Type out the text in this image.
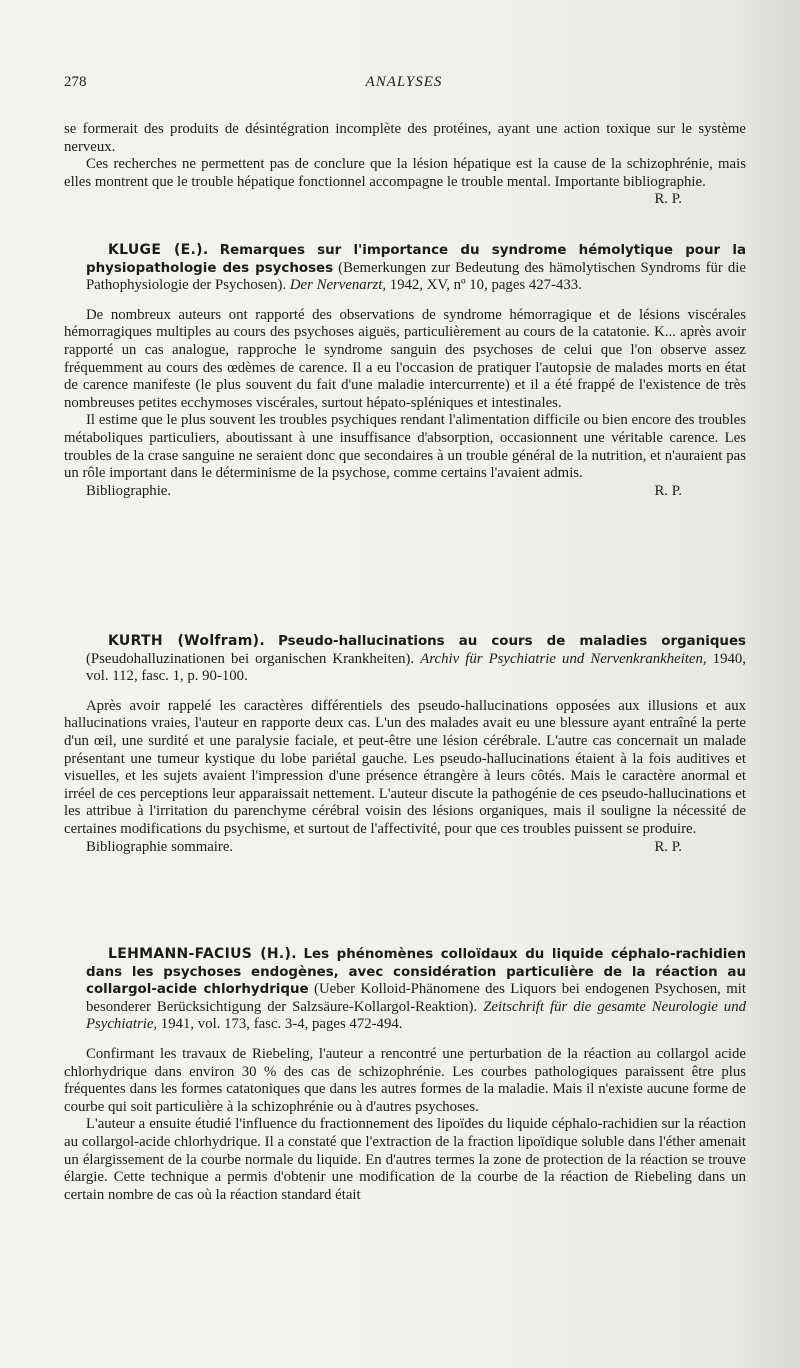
278	ANALYSES

se formerait des produits de désintégration incomplète des protéines, ayant une action toxique sur le système nerveux.

Ces recherches ne permettent pas de conclure que la lésion hépatique est la cause de la schizophrénie, mais elles montrent que le trouble hépatique fonctionnel accompagne le trouble mental. Importante bibliographie.

R. P.

KLUGE (E.). Remarques sur l'importance du syndrome hémolytique pour la physiopathologie des psychoses (Bemerkungen zur Bedeutung des hämolytischen Syndroms für die Pathophysiologie der Psychosen). Der Nervenarzt, 1942, XV, nº 10, pages 427-433.

De nombreux auteurs ont rapporté des observations de syndrome hémorragique et de lésions viscérales hémorragiques multiples au cours des psychoses aiguës, particulièrement au cours de la catatonie. K... après avoir rapporté un cas analogue, rapproche le syndrome sanguin des psychoses de celui que l'on observe assez fréquemment au cours des œdèmes de carence. Il a eu l'occasion de pratiquer l'autopsie de malades morts en état de carence manifeste (le plus souvent du fait d'une maladie intercurrente) et il a été frappé de l'existence de très nombreuses petites ecchymoses viscérales, surtout hépato-spléniques et intestinales.

Il estime que le plus souvent les troubles psychiques rendant l'alimentation difficile ou bien encore des troubles métaboliques particuliers, aboutissant à une insuffisance d'absorption, occasionnent une véritable carence. Les troubles de la crase sanguine ne seraient donc que secondaires à un trouble général de la nutrition, et n'auraient pas un rôle important dans le déterminisme de la psychose, comme certains l'avaient admis.

Bibliographie.	R. P.

KURTH (Wolfram). Pseudo-hallucinations au cours de maladies organiques (Pseudohalluzinationen bei organischen Krankheiten). Archiv für Psychiatrie und Nervenkrankheiten, 1940, vol. 112, fasc. 1, p. 90-100.

Après avoir rappelé les caractères différentiels des pseudo-hallucinations opposées aux illusions et aux hallucinations vraies, l'auteur en rapporte deux cas. L'un des malades avait eu une blessure ayant entraîné la perte d'un œil, une surdité et une paralysie faciale, et peut-être une lésion cérébrale. L'autre cas concernait un malade présentant une tumeur kystique du lobe pariétal gauche. Les pseudo-hallucinations étaient à la fois auditives et visuelles, et les sujets avaient l'impression d'une présence étrangère à leurs côtés. Mais le caractère anormal et irréel de ces perceptions leur apparaissait nettement. L'auteur discute la pathogénie de ces pseudo-hallucinations et les attribue à l'irritation du parenchyme cérébral voisin des lésions organiques, mais il souligne la nécessité de certaines modifications du psychisme, et surtout de l'affectivité, pour que ces troubles puissent se produire.

Bibliographie sommaire.	R. P.

LEHMANN-FACIUS (H.). Les phénomènes colloïdaux du liquide céphalo-rachidien dans les psychoses endogènes, avec considération particulière de la réaction au collargol-acide chlorhydrique (Ueber Kolloid-Phänomene des Liquors bei endogenen Psychosen, mit besonderer Berücksichtigung der Salzsäure-Kollargol-Reaktion). Zeitschrift für die gesamte Neurologie und Psychiatrie, 1941, vol. 173, fasc. 3-4, pages 472-494.

Confirmant les travaux de Riebeling, l'auteur a rencontré une perturbation de la réaction au collargol acide chlorhydrique dans environ 30 % des cas de schizophrénie. Les courbes pathologiques paraissent être plus fréquentes dans les formes catatoniques que dans les autres formes de la maladie. Mais il n'existe aucune forme de courbe qui soit particulière à la schizophrénie ou à d'autres psychoses.

L'auteur a ensuite étudié l'influence du fractionnement des lipoïdes du liquide céphalo-rachidien sur la réaction au collargol-acide chlorhydrique. Il a constaté que l'extraction de la fraction lipoïdique soluble dans l'éther amenait un élargissement de la courbe normale du liquide. En d'autres termes la zone de protection de la réaction se trouve élargie. Cette technique a permis d'obtenir une modification de la courbe de la réaction de Riebeling dans un certain nombre de cas où la réaction standard était
